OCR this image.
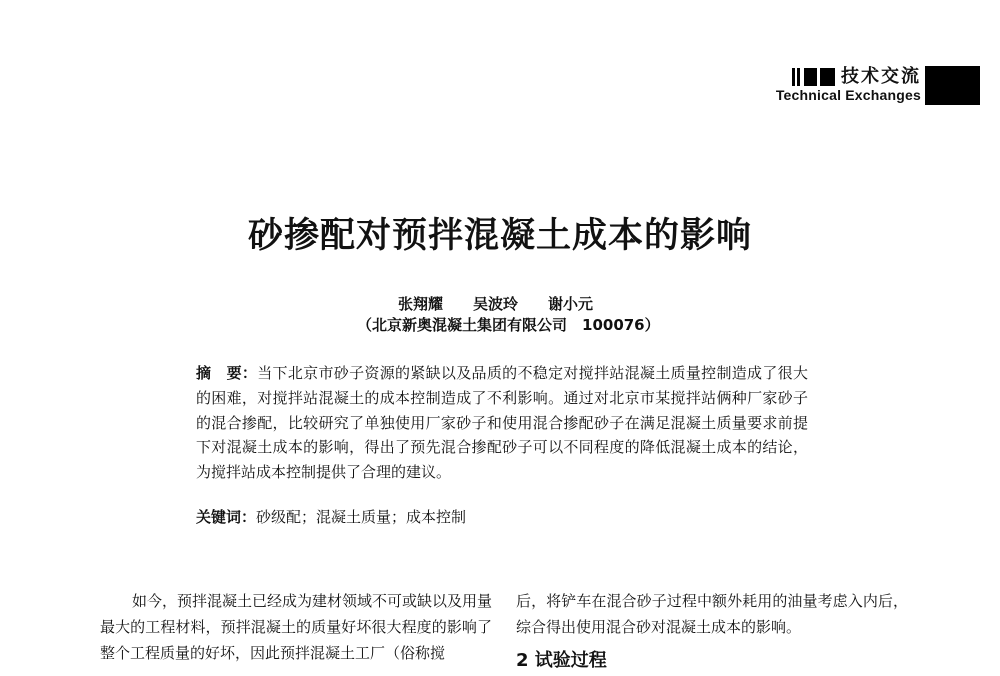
技术交流
Technical Exchanges
砂掺配对预拌混凝土成本的影响
张翔耀　　吴波玲　　谢小元
（北京新奥混凝土集团有限公司　100076）

摘　要：当下北京市砂子资源的紧缺以及品质的不稳定对搅拌站混凝土质量控制造成了很大的困难，对搅拌站混凝土的成本控制造成了不利影响。通过对北京市某搅拌站俩种厂家砂子的混合掺配，比较研究了单独使用厂家砂子和使用混合掺配砂子在满足混凝土质量要求前提下对混凝土成本的影响，得出了预先混合掺配砂子可以不同程度的降低混凝土成本的结论，为搅拌站成本控制提供了合理的建议。

关键词：砂级配；混凝土质量；成本控制

如今，预拌混凝土已经成为建材领域不可或缺以及用量最大的工程材料，预拌混凝土的质量好坏很大程度的影响了整个工程质量的好坏，因此预拌混凝土工厂（俗称搅

后，将铲车在混合砂子过程中额外耗用的油量考虑入内后，综合得出使用混合砂对混凝土成本的影响。

2 试验过程
